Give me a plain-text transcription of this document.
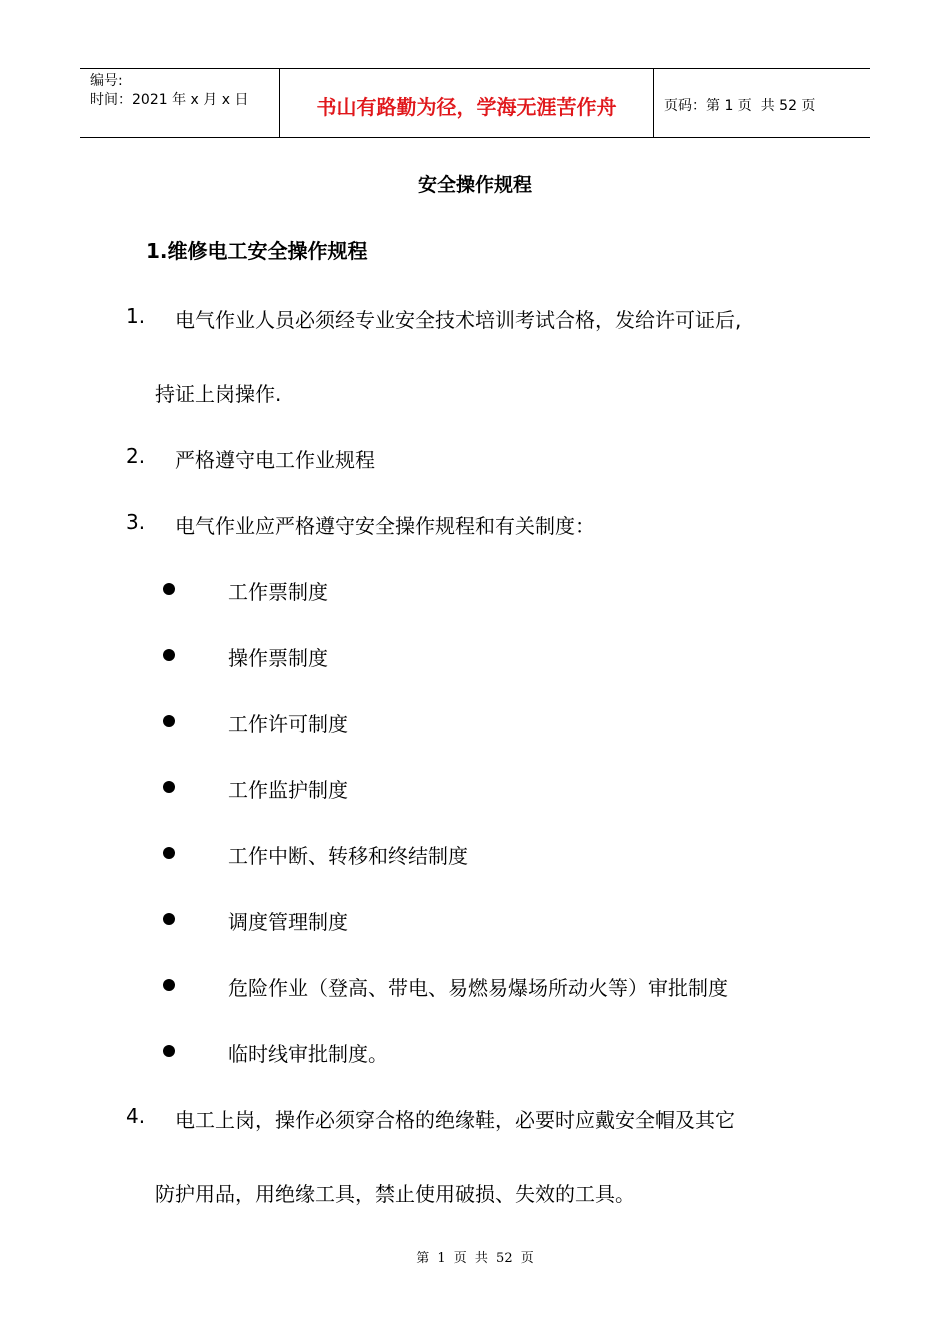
编号:
时间：2021 年 x 月 x 日	书山有路勤为径，学海无涯苦作舟	页码：第 1 页  共 52 页
安全操作规程
1.维修电工安全操作规程
1. 电气作业人员必须经专业安全技术培训考试合格，发给许可证后,
持证上岗操作.
2. 严格遵守电工作业规程
3. 电气作业应严格遵守安全操作规程和有关制度：
工作票制度
操作票制度
工作许可制度
工作监护制度
工作中断、转移和终结制度
调度管理制度
危险作业（登高、带电、易燃易爆场所动火等）审批制度
临时线审批制度。
4. 电工上岗，操作必须穿合格的绝缘鞋，必要时应戴安全帽及其它
防护用品，用绝缘工具，禁止使用破损、失效的工具。
第 1 页 共 52 页
